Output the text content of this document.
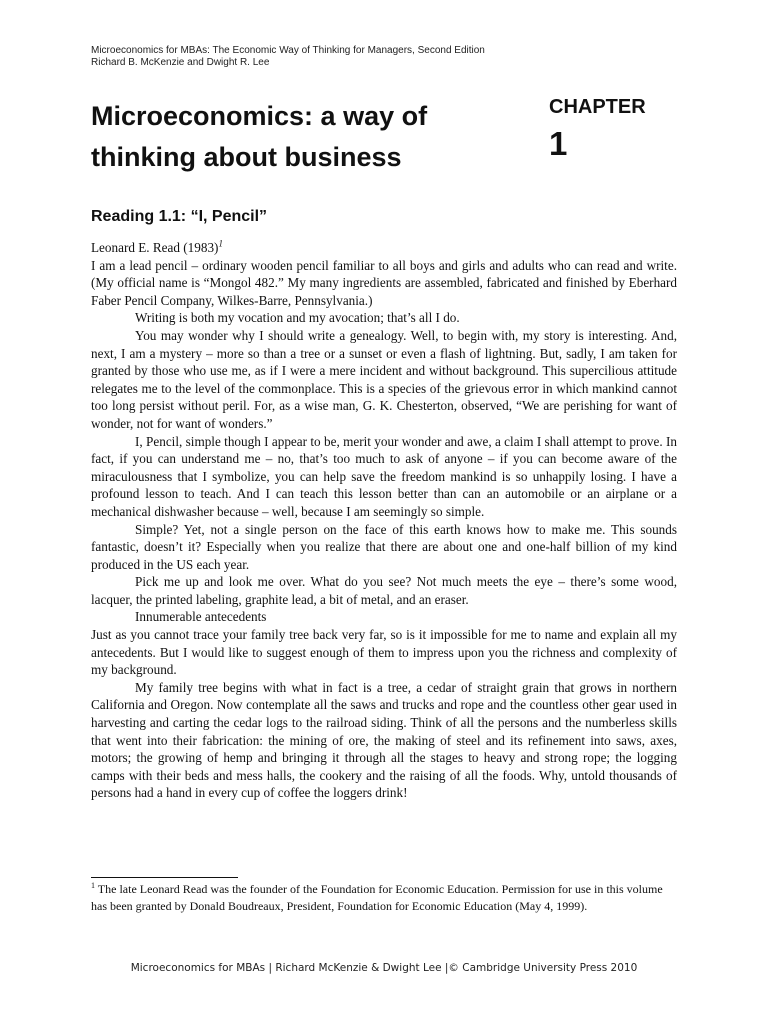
Microeconomics for MBAs: The Economic Way of Thinking for Managers, Second Edition
Richard B. McKenzie and Dwight R. Lee
Microeconomics: a way of
thinking about business
CHAPTER
1
Reading 1.1: “I, Pencil”

Leonard E. Read $(1983)^1$

I am a lead pencil – ordinary wooden pencil familiar to all boys and girls and adults who can read and write. (My official name is “Mongol 482.” My many ingredients are assembled, fabricated and finished by Eberhard Faber Pencil Company, Wilkes-Barre, Pennsylvania.)

Writing is both my vocation and my avocation; that’s all I do.

You may wonder why I should write a genealogy. Well, to begin with, my story is interesting. And, next, I am a mystery – more so than a tree or a sunset or even a flash of lightning. But, sadly, I am taken for granted by those who use me, as if I were a mere incident and without background. This supercilious attitude relegates me to the level of the commonplace. This is a species of the grievous error in which mankind cannot too long persist without peril. For, as a wise man, G. K. Chesterton, observed, “We are perishing for want of wonder, not for want of wonders.”

I, Pencil, simple though I appear to be, merit your wonder and awe, a claim I shall attempt to prove. In fact, if you can understand me – no, that’s too much to ask of anyone – if you can become aware of the miraculousness that I symbolize, you can help save the freedom mankind is so unhappily losing. I have a profound lesson to teach. And I can teach this lesson better than can an automobile or an airplane or a mechanical dishwasher because – well, because I am seemingly so simple.

Simple? Yet, not a single person on the face of this earth knows how to make me. This sounds fantastic, doesn’t it? Especially when you realize that there are about one and one-half billion of my kind produced in the US each year.

Pick me up and look me over. What do you see? Not much meets the eye – there’s some wood, lacquer, the printed labeling, graphite lead, a bit of metal, and an eraser.

Innumerable antecedents

Just as you cannot trace your family tree back very far, so is it impossible for me to name and explain all my antecedents. But I would like to suggest enough of them to impress upon you the richness and complexity of my background.

My family tree begins with what in fact is a tree, a cedar of straight grain that grows in northern California and Oregon. Now contemplate all the saws and trucks and rope and the countless other gear used in harvesting and carting the cedar logs to the railroad siding. Think of all the persons and the numberless skills that went into their fabrication: the mining of ore, the making of steel and its refinement into saws, axes, motors; the growing of hemp and bringing it through all the stages to heavy and strong rope; the logging camps with their beds and mess halls, the cookery and the raising of all the foods. Why, untold thousands of persons had a hand in every cup of coffee the loggers drink!

$^1$ The late Leonard Read was the founder of the Foundation for Economic Education. Permission for use in this volume has been granted by Donald Boudreaux, President, Foundation for Economic Education (May 4, 1999).
Microeconomics for MBAs | Richard McKenzie & Dwight Lee |© Cambridge University Press 2010
